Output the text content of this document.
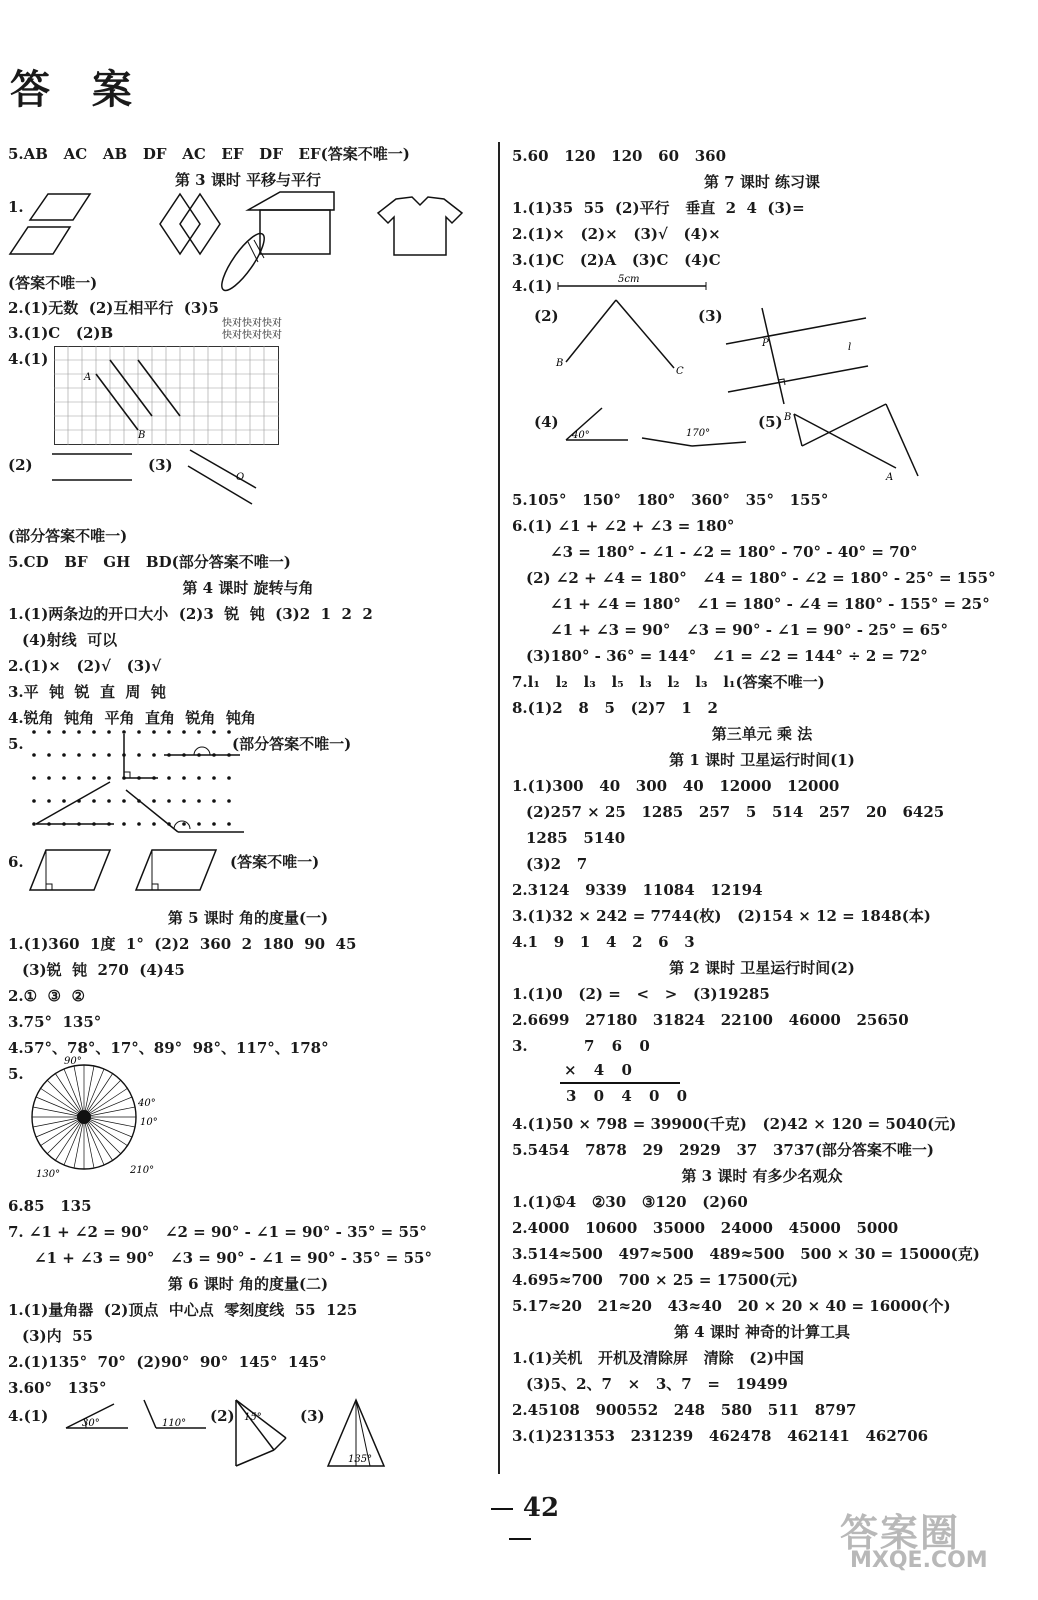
答 案
5.AB   AC   AB   DF   AC   EF   DF   EF(答案不唯一)
第 3 课时 平移与平行
1.
(答案不唯一)
2.(1)无数  (2)互相平行  (3)5
快对快对快对
快对快对快对
3.(1)C   (2)B
4.(1)
A
B
(2)	(3)
O
(部分答案不唯一)
5.CD   BF   GH   BD(部分答案不唯一)
第 4 课时 旋转与角
1.(1)两条边的开口大小  (2)3  锐  钝  (3)2  1  2  2
(4)射线  可以
2.(1)×   (2)√   (3)√
3.平  钝  锐  直  周  钝
4.锐角  钝角  平角  直角  锐角  钝角
5.	(部分答案不唯一)
6.	(答案不唯一)
第 5 课时 角的度量(一)
1.(1)360  1度  1°  (2)2  360  2  180  90  45
(3)锐  钝  270  (4)45
2.①  ③  ②
3.75°  135°
4.57°、78°、17°、89°  98°、117°、178°
5.
90°
40°
10°
130°	210°
6.85   135
7. ∠1 + ∠2 = 90°   ∠2 = 90° - ∠1 = 90° - 35° = 55°
∠1 + ∠3 = 90°   ∠3 = 90° - ∠1 = 90° - 35° = 55°
第 6 课时 角的度量(二)
1.(1)量角器  (2)顶点  中心点  零刻度线  55  125
(3)内  55
2.(1)135°  70°  (2)90°  90°  145°  145°
3.60°   135°
4.(1)	30°	110° (2) 15°	(3)
135°
5.60   120   120   60   360
第 7 课时 练习课
1.(1)35  55  (2)平行   垂直  2  4  (3)=
2.(1)×   (2)×   (3)√   (4)×
3.(1)C   (2)A   (3)C   (4)C
4.(1)	5cm
(2)
B
C
(3)
P	l
(4)
40°	170°
(5) B
A
5.105°   150°   180°   360°   35°   155°
6.(1) ∠1 + ∠2 + ∠3 = 180°
∠3 = 180° - ∠1 - ∠2 = 180° - 70° - 40° = 70°
(2) ∠2 + ∠4 = 180°   ∠4 = 180° - ∠2 = 180° - 25° = 155°
∠1 + ∠4 = 180°   ∠1 = 180° - ∠4 = 180° - 155° = 25°
∠1 + ∠3 = 90°   ∠3 = 90° - ∠1 = 90° - 25° = 65°
(3)180° - 36° = 144°   ∠1 = ∠2 = 144° ÷ 2 = 72°
7.l₁   l₂   l₃   l₅   l₃   l₂   l₃   l₁(答案不唯一)
8.(1)2   8   5   (2)7   1   2
第三单元 乘 法
第 1 课时 卫星运行时间(1)
1.(1)300   40   300   40   12000   12000
(2)257 × 25   1285   257   5   514   257   20   6425
1285   5140
(3)2   7
2.3124   9339   11084   12194
3.(1)32 × 242 = 7744(枚)   (2)154 × 12 = 1848(本)
4.1   9   1   4   2   6   3
第 2 课时 卫星运行时间(2)
1.(1)0   (2) =   <   >   (3)19285
2.6699   27180   31824   22100   46000   25650
3.	7 6 0
× 4 0
3 0 4 0 0
4.(1)50 × 798 = 39900(千克)   (2)42 × 120 = 5040(元)
5.5454   7878   29   2929   37   3737(部分答案不唯一)
第 3 课时 有多少名观众
1.(1)①4   ②30   ③120   (2)60
2.4000   10600   35000   24000   45000   5000
3.514≈500   497≈500   489≈500   500 × 30 = 15000(克)
4.695≈700   700 × 25 = 17500(元)
5.17≈20   21≈20   43≈40   20 × 20 × 40 = 16000(个)
第 4 课时 神奇的计算工具
1.(1)关机   开机及清除屏   清除   (2)中国
(3)5、2、7   ×   3、7   =   19499
2.45108   900552   248   580   511   8797
3.(1)231353   231239   462478   462141   462706
42
答案圈
MXQE.COM
